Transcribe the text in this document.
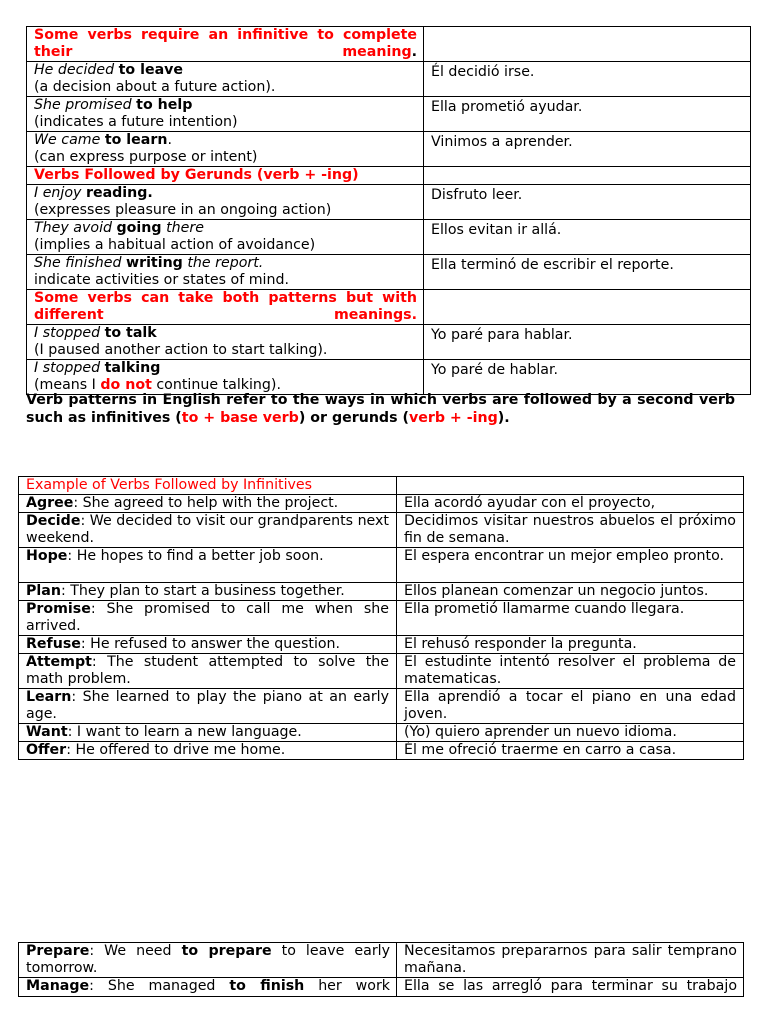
Some verbs require an infinitive to complete their meaning.	
He decided to leave
(a decision about a future action).	Él decidió irse.
She promised to help
(indicates a future intention)	Ella prometió ayudar.
We came to learn.
(can express purpose or intent)	Vinimos a aprender.
Verbs Followed by Gerunds (verb + -ing)	
I enjoy reading.
(expresses pleasure in an ongoing action)	Disfruto leer.
They avoid going there
(implies a habitual action of avoidance)	Ellos evitan ir allá.
She finished writing the report.
indicate activities or states of mind.	Ella terminó de escribir el reporte.
Some verbs can take both patterns but with different meanings.	
I stopped to talk
(I paused another action to start talking).	Yo paré para hablar.
I stopped talking
(means I do not continue talking).	Yo paré de hablar.
Verb patterns in English refer to the ways in which verbs are followed by a second verb such as infinitives (to + base verb) or gerunds (verb + -ing).
Example of Verbs Followed by Infinitives	
Agree: She agreed to help with the project.	Ella acordó ayudar con el proyecto,
Decide: We decided to visit our grandparents next weekend.	Decidimos visitar nuestros abuelos el próximo fin de semana.
Hope: He hopes to find a better job soon.	El espera encontrar un mejor empleo pronto.
Plan: They plan to start a business together.	Ellos planean comenzar un negocio juntos.
Promise: She promised to call me when she arrived.	Ella prometió llamarme cuando llegara.
Refuse: He refused to answer the question.	El rehusó responder la pregunta.
Attempt: The student attempted to solve the math problem.	El estudinte intentó resolver el problema de matematicas.
Learn: She learned to play the piano at an early age.	Ella aprendió a tocar el piano en una edad joven.
Want: I want to learn a new language.	(Yo) quiero aprender un nuevo idioma.
Offer: He offered to drive me home.	Él me ofreció traerme en carro a casa.
Prepare: We need to prepare to leave early tomorrow.	Necesitamos prepararnos para salir temprano mañana.
Manage: She managed to finish her work	Ella se las arregló para terminar su trabajo
